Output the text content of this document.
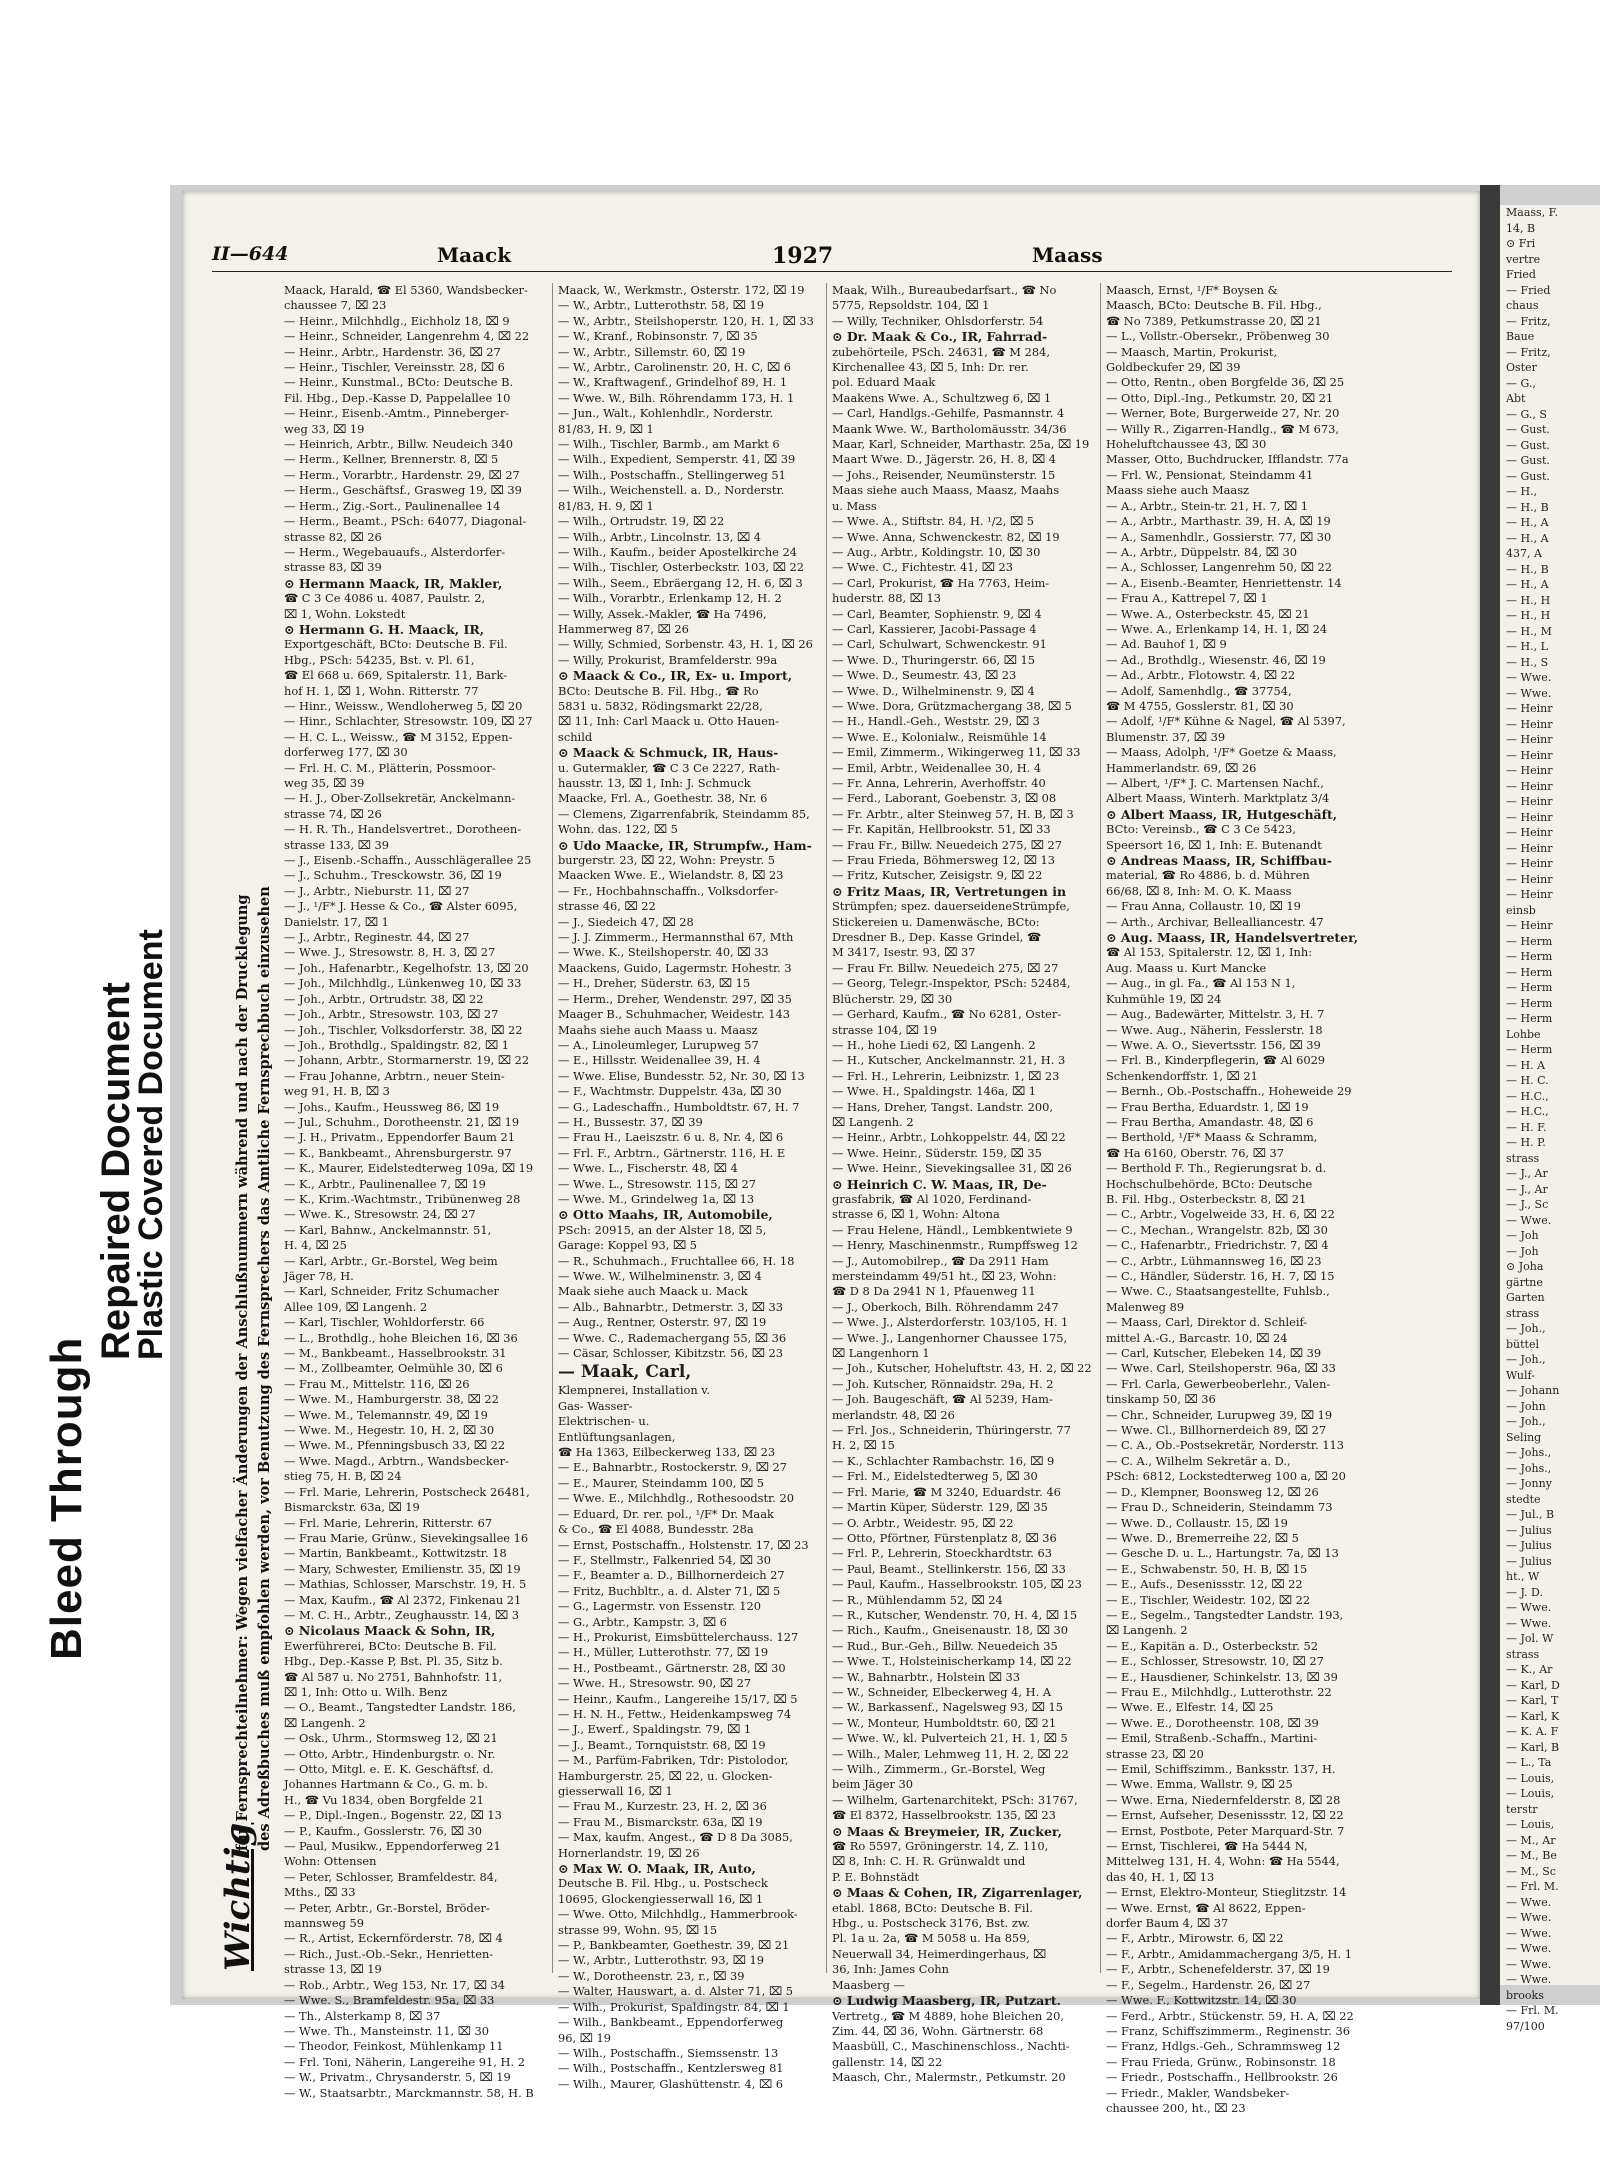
Bleed Through
Repaired Document
Plastic Covered Document
II—644	Maack	1927	Maass
Wichtig
für Fernsprechteilnehmer: Wegen vielfacher Änderungen der Anschlußnummern während und nach der Drucklegung des Adreßbuches muß empfohlen werden, vor Benutzung des Fernsprechers das Amtliche Fernsprechbuch einzusehen
Maack, Harald, ☎ El 5360, Wandsbecker-
chaussee 7, ⌧ 23
— Heinr., Milchhdlg., Eichholz 18, ⌧ 9
— Heinr., Schneider, Langenrehm 4, ⌧ 22
— Heinr., Arbtr., Hardenstr. 36, ⌧ 27
— Heinr., Tischler, Vereinsstr. 28, ⌧ 6
— Heinr., Kunstmal., BCto: Deutsche B.
Fil. Hbg., Dep.-Kasse D, Pappelallee 10
— Heinr., Eisenb.-Amtm., Pinneberger-
weg 33, ⌧ 19
— Heinrich, Arbtr., Billw. Neudeich 340
— Herm., Kellner, Brennerstr. 8, ⌧ 5
— Herm., Vorarbtr., Hardenstr. 29, ⌧ 27
— Herm., Geschäftsf., Grasweg 19, ⌧ 39
— Herm., Zig.-Sort., Paulinenallee 14
— Herm., Beamt., PSch: 64077, Diagonal-
strasse 82, ⌧ 26
— Herm., Wegebauaufs., Alsterdorfer-
strasse 83, ⌧ 39
⊙ Hermann Maack, IR, Makler,
☎ C 3 Ce 4086 u. 4087, Paulstr. 2,
⌧ 1, Wohn. Lokstedt
⊙ Hermann G. H. Maack, IR,
Exportgeschäft, BCto: Deutsche B. Fil.
Hbg., PSch: 54235, Bst. v. Pl. 61,
☎ El 668 u. 669, Spitalerstr. 11, Bark-
hof H. 1, ⌧ 1, Wohn. Ritterstr. 77
— Hinr., Weissw., Wendloherweg 5, ⌧ 20
— Hinr., Schlachter, Stresowstr. 109, ⌧ 27
— H. C. L., Weissw., ☎ M 3152, Eppen-
dorferweg 177, ⌧ 30
— Frl. H. C. M., Plätterin, Possmoor-
weg 35, ⌧ 39
— H. J., Ober-Zollsekretär, Anckelmann-
strasse 74, ⌧ 26
— H. R. Th., Handelsvertret., Dorotheen-
strasse 133, ⌧ 39
— J., Eisenb.-Schaffn., Ausschlägerallee 25
— J., Schuhm., Tresckowstr. 36, ⌧ 19
— J., Arbtr., Nieburstr. 11, ⌧ 27
— J., ¹/F* J. Hesse & Co., ☎ Alster 6095,
Danielstr. 17, ⌧ 1
— J., Arbtr., Reginestr. 44, ⌧ 27
— Wwe. J., Stresowstr. 8, H. 3, ⌧ 27
— Joh., Hafenarbtr., Kegelhofstr. 13, ⌧ 20
— Joh., Milchhdlg., Lünkenweg 10, ⌧ 33
— Joh., Arbtr., Ortrudstr. 38, ⌧ 22
— Joh., Arbtr., Stresowstr. 103, ⌧ 27
— Joh., Tischler, Volksdorferstr. 38, ⌧ 22
— Joh., Brothdlg., Spaldingstr. 82, ⌧ 1
— Johann, Arbtr., Stormarnerstr. 19, ⌧ 22
— Frau Johanne, Arbtrn., neuer Stein-
weg 91, H. B, ⌧ 3
— Johs., Kaufm., Heussweg 86, ⌧ 19
— Jul., Schuhm., Dorotheenstr. 21, ⌧ 19
— J. H., Privatm., Eppendorfer Baum 21
— K., Bankbeamt., Ahrensburgerstr. 97
— K., Maurer, Eidelstedterweg 109a, ⌧ 19
— K., Arbtr., Paulinenallee 7, ⌧ 19
— K., Krim.-Wachtmstr., Tribünenweg 28
— Wwe. K., Stresowstr. 24, ⌧ 27
— Karl, Bahnw., Anckelmannstr. 51,
H. 4, ⌧ 25
— Karl, Arbtr., Gr.-Borstel, Weg beim
Jäger 78, H.
— Karl, Schneider, Fritz Schumacher
Allee 109, ⌧ Langenh. 2
— Karl, Tischler, Wohldorferstr. 66
— L., Brothdlg., hohe Bleichen 16, ⌧ 36
— M., Bankbeamt., Hasselbrookstr. 31
— M., Zollbeamter, Oelmühle 30, ⌧ 6
— Frau M., Mittelstr. 116, ⌧ 26
— Wwe. M., Hamburgerstr. 38, ⌧ 22
— Wwe. M., Telemannstr. 49, ⌧ 19
— Wwe. M., Hegestr. 10, H. 2, ⌧ 30
— Wwe. M., Pfenningsbusch 33, ⌧ 22
— Wwe. Magd., Arbtrn., Wandsbecker-
stieg 75, H. B, ⌧ 24
— Frl. Marie, Lehrerin, Postscheck 26481,
Bismarckstr. 63a, ⌧ 19
— Frl. Marie, Lehrerin, Ritterstr. 67
— Frau Marie, Grünw., Sievekingsallee 16
— Martin, Bankbeamt., Kottwitzstr. 18
— Mary, Schwester, Emilienstr. 35, ⌧ 19
— Mathias, Schlosser, Marschstr. 19, H. 5
— Max, Kaufm., ☎ Al 2372, Finkenau 21
— M. C. H., Arbtr., Zeughausstr. 14, ⌧ 3
⊙ Nicolaus Maack & Sohn, IR,
Ewerführerei, BCto: Deutsche B. Fil.
Hbg., Dep.-Kasse P, Bst. Pl. 35, Sitz b.
☎ Al 587 u. No 2751, Bahnhofstr. 11,
⌧ 1, Inh: Otto u. Wilh. Benz
— O., Beamt., Tangstedter Landstr. 186,
⌧ Langenh. 2
— Osk., Uhrm., Stormsweg 12, ⌧ 21
— Otto, Arbtr., Hindenburgstr. o. Nr.
— Otto, Mitgl. e. E. K. Geschäftsf. d.
Johannes Hartmann & Co., G. m. b.
H., ☎ Vu 1834, oben Borgfelde 21
— P., Dipl.-Ingen., Bogenstr. 22, ⌧ 13
— P., Kaufm., Gosslerstr. 76, ⌧ 30
— Paul, Musikw., Eppendorferweg 21
Wohn: Ottensen
— Peter, Schlosser, Bramfeldestr. 84,
Mths., ⌧ 33
— Peter, Arbtr., Gr.-Borstel, Bröder-
mannsweg 59
— R., Artist, Eckernförderstr. 78, ⌧ 4
— Rich., Just.-Ob.-Sekr., Henrietten-
strasse 13, ⌧ 19
— Rob., Arbtr., Weg 153, Nr. 17, ⌧ 34
— Wwe. S., Bramfeldestr. 95a, ⌧ 33
— Th., Alsterkamp 8, ⌧ 37
— Wwe. Th., Mansteinstr. 11, ⌧ 30
— Theodor, Feinkost, Mühlenkamp 11
— Frl. Toni, Näherin, Langereihe 91, H. 2
— W., Privatm., Chrysanderstr. 5, ⌧ 19
— W., Staatsarbtr., Marckmannstr. 58, H. B
Maack, W., Werkmstr., Osterstr. 172, ⌧ 19
— W., Arbtr., Lutterothstr. 58, ⌧ 19
— W., Arbtr., Steilshoperstr. 120, H. 1, ⌧ 33
— W., Kranf., Robinsonstr. 7, ⌧ 35
— W., Arbtr., Sillemstr. 60, ⌧ 19
— W., Arbtr., Carolinenstr. 20, H. C, ⌧ 6
— W., Kraftwagenf., Grindelhof 89, H. 1
— Wwe. W., Bilh. Röhrendamm 173, H. 1
— Jun., Walt., Kohlenhdlr., Norderstr.
81/83, H. 9, ⌧ 1
— Wilh., Tischler, Barmb., am Markt 6
— Wilh., Expedient, Semperstr. 41, ⌧ 39
— Wilh., Postschaffn., Stellingerweg 51
— Wilh., Weichenstell. a. D., Norderstr.
81/83, H. 9, ⌧ 1
— Wilh., Ortrudstr. 19, ⌧ 22
— Wilh., Arbtr., Lincolnstr. 13, ⌧ 4
— Wilh., Kaufm., beider Apostelkirche 24
— Wilh., Tischler, Osterbeckstr. 103, ⌧ 22
— Wilh., Seem., Ebräergang 12, H. 6, ⌧ 3
— Wilh., Vorarbtr., Erlenkamp 12, H. 2
— Willy, Assek.-Makler, ☎ Ha 7496,
Hammerweg 87, ⌧ 26
— Willy, Schmied, Sorbenstr. 43, H. 1, ⌧ 26
— Willy, Prokurist, Bramfelderstr. 99a
⊙ Maack & Co., IR, Ex- u. Import,
BCto: Deutsche B. Fil. Hbg., ☎ Ro
5831 u. 5832, Rödingsmarkt 22/28,
⌧ 11, Inh: Carl Maack u. Otto Hauen-
schild
⊙ Maack & Schmuck, IR, Haus-
u. Gutermakler, ☎ C 3 Ce 2227, Rath-
hausstr. 13, ⌧ 1, Inh: J. Schmuck
Maacke, Frl. A., Goethestr. 38, Nr. 6
— Clemens, Zigarrenfabrik, Steindamm 85,
Wohn. das. 122, ⌧ 5
⊙ Udo Maacke, IR, Strumpfw., Ham-
burgerstr. 23, ⌧ 22, Wohn: Preystr. 5
Maacken Wwe. E., Wielandstr. 8, ⌧ 23
— Fr., Hochbahnschaffn., Volksdorfer-
strasse 46, ⌧ 22
— J., Siedeich 47, ⌧ 28
— J. J. Zimmerm., Hermannsthal 67, Mth
— Wwe. K., Steilshoperstr. 40, ⌧ 33
Maackens, Guido, Lagermstr. Hohestr. 3
— H., Dreher, Süderstr. 63, ⌧ 15
— Herm., Dreher, Wendenstr. 297, ⌧ 35
Maager B., Schuhmacher, Weidestr. 143
Maahs siehe auch Maass u. Maasz
— A., Linoleumleger, Lurupweg 57
— E., Hillsstr. Weidenallee 39, H. 4
— Wwe. Elise, Bundesstr. 52, Nr. 30, ⌧ 13
— F., Wachtmstr. Duppelstr. 43a, ⌧ 30
— G., Ladeschaffn., Humboldtstr. 67, H. 7
— H., Bussestr. 37, ⌧ 39
— Frau H., Laeiszstr. 6 u. 8, Nr. 4, ⌧ 6
— Frl. F., Arbtrn., Gärtnerstr. 116, H. E
— Wwe. L., Fischerstr. 48, ⌧ 4
— Wwe. L., Stresowstr. 115, ⌧ 27
— Wwe. M., Grindelweg 1a, ⌧ 13
⊙ Otto Maahs, IR, Automobile,
PSch: 20915, an der Alster 18, ⌧ 5,
Garage: Koppel 93, ⌧ 5
— R., Schuhmach., Fruchtallee 66, H. 18
— Wwe. W., Wilhelminenstr. 3, ⌧ 4
Maak siehe auch Maack u. Mack
— Alb., Bahnarbtr., Detmerstr. 3, ⌧ 33
— Aug., Rentner, Osterstr. 97, ⌧ 19
— Wwe. C., Rademachergang 55, ⌧ 36
— Cäsar, Schlosser, Kibitzstr. 56, ⌧ 23
— Maak, Carl,
Klempnerei, Installation v.
Gas- Wasser-
Elektrischen- u.
Entlüftungsanlagen,
☎ Ha 1363, Eilbeckerweg 133, ⌧ 23
— E., Bahnarbtr., Rostockerstr. 9, ⌧ 27
— E., Maurer, Steindamm 100, ⌧ 5
— Wwe. E., Milchhdlg., Rothesoodstr. 20
— Eduard, Dr. rer. pol., ¹/F* Dr. Maak
& Co., ☎ El 4088, Bundesstr. 28a
— Ernst, Postschaffn., Holstenstr. 17, ⌧ 23
— F., Stellmstr., Falkenried 54, ⌧ 30
— F., Beamter a. D., Billhornerdeich 27
— Fritz, Buchbltr., a. d. Alster 71, ⌧ 5
— G., Lagermstr. von Essenstr. 120
— G., Arbtr., Kampstr. 3, ⌧ 6
— H., Prokurist, Eimsbüttelerchauss. 127
— H., Müller, Lutterothstr. 77, ⌧ 19
— H., Postbeamt., Gärtnerstr. 28, ⌧ 30
— Wwe. H., Stresowstr. 90, ⌧ 27
— Heinr., Kaufm., Langereihe 15/17, ⌧ 5
— H. N. H., Fettw., Heidenkampsweg 74
— J., Ewerf., Spaldingstr. 79, ⌧ 1
— J., Beamt., Tornquiststr. 68, ⌧ 19
— M., Parfüm-Fabriken, Tdr: Pistolodor,
Hamburgerstr. 25, ⌧ 22, u. Glocken-
giesserwall 16, ⌧ 1
— Frau M., Kurzestr. 23, H. 2, ⌧ 36
— Frau M., Bismarckstr. 63a, ⌧ 19
— Max, kaufm. Angest., ☎ D 8 Da 3085,
Hornerlandstr. 19, ⌧ 26
⊙ Max W. O. Maak, IR, Auto,
Deutsche B. Fil. Hbg., u. Postscheck
10695, Glockengiesserwall 16, ⌧ 1
— Wwe. Otto, Milchhdlg., Hammerbrook-
strasse 99, Wohn. 95, ⌧ 15
— P., Bankbeamter, Goethestr. 39, ⌧ 21
— W., Arbtr., Lutterothstr. 93, ⌧ 19
— W., Dorotheenstr. 23, r., ⌧ 39
— Walter, Hauswart, a. d. Alster 71, ⌧ 5
— Wilh., Prokurist, Spaldingstr. 84, ⌧ 1
— Wilh., Bankbeamt., Eppendorferweg
96, ⌧ 19
— Wilh., Postschaffn., Siemssenstr. 13
— Wilh., Postschaffn., Kentzlersweg 81
— Wilh., Maurer, Glashüttenstr. 4, ⌧ 6
Maak, Wilh., Bureaubedarfsart., ☎ No
5775, Repsoldstr. 104, ⌧ 1
— Willy, Techniker, Ohlsdorferstr. 54
⊙ Dr. Maak & Co., IR, Fahrrad-
zubehörteile, PSch. 24631, ☎ M 284,
Kirchenallee 43, ⌧ 5, Inh: Dr. rer.
pol. Eduard Maak
Maakens Wwe. A., Schultzweg 6, ⌧ 1
— Carl, Handlgs.-Gehilfe, Pasmannstr. 4
Maank Wwe. W., Bartholomäusstr. 34/36
Maar, Karl, Schneider, Marthastr. 25a, ⌧ 19
Maart Wwe. D., Jägerstr. 26, H. 8, ⌧ 4
— Johs., Reisender, Neumünsterstr. 15
Maas siehe auch Maass, Maasz, Maahs
u. Mass
— Wwe. A., Stiftstr. 84, H. ¹/2, ⌧ 5
— Wwe. Anna, Schwenckestr. 82, ⌧ 19
— Aug., Arbtr., Koldingstr. 10, ⌧ 30
— Wwe. C., Fichtestr. 41, ⌧ 23
— Carl, Prokurist, ☎ Ha 7763, Heim-
huderstr. 88, ⌧ 13
— Carl, Beamter, Sophienstr. 9, ⌧ 4
— Carl, Kassierer, Jacobi-Passage 4
— Carl, Schulwart, Schwenckestr. 91
— Wwe. D., Thuringerstr. 66, ⌧ 15
— Wwe. D., Seumestr. 43, ⌧ 23
— Wwe. D., Wilhelminenstr. 9, ⌧ 4
— Wwe. Dora, Grützmachergang 38, ⌧ 5
— H., Handl.-Geh., Weststr. 29, ⌧ 3
— Wwe. E., Kolonialw., Reismühle 14
— Emil, Zimmerm., Wikingerweg 11, ⌧ 33
— Emil, Arbtr., Weidenallee 30, H. 4
— Fr. Anna, Lehrerin, Averhoffstr. 40
— Ferd., Laborant, Goebenstr. 3, ⌧ 08
— Fr. Arbtr., alter Steinweg 57, H. B, ⌧ 3
— Fr. Kapitän, Hellbrookstr. 51, ⌧ 33
— Frau Fr., Billw. Neuedeich 275, ⌧ 27
— Frau Frieda, Böhmersweg 12, ⌧ 13
— Fritz, Kutscher, Zeisigstr. 9, ⌧ 22
⊙ Fritz Maas, IR, Vertretungen in
Strümpfen; spez. dauerseideneStrümpfe,
Stickereien u. Damenwäsche, BCto:
Dresdner B., Dep. Kasse Grindel, ☎
M 3417, Isestr. 93, ⌧ 37
— Frau Fr. Billw. Neuedeich 275, ⌧ 27
— Georg, Telegr.-Inspektor, PSch: 52484,
Blücherstr. 29, ⌧ 30
— Gerhard, Kaufm., ☎ No 6281, Oster-
strasse 104, ⌧ 19
— H., hohe Liedi 62, ⌧ Langenh. 2
— H., Kutscher, Anckelmannstr. 21, H. 3
— Frl. H., Lehrerin, Leibnizstr. 1, ⌧ 23
— Wwe. H., Spaldingstr. 146a, ⌧ 1
— Hans, Dreher, Tangst. Landstr. 200,
⌧ Langenh. 2
— Heinr., Arbtr., Lohkoppelstr. 44, ⌧ 22
— Wwe. Heinr., Süderstr. 159, ⌧ 35
— Wwe. Heinr., Sievekingsallee 31, ⌧ 26
⊙ Heinrich C. W. Maas, IR, De-
grasfabrik, ☎ Al 1020, Ferdinand-
strasse 6, ⌧ 1, Wohn: Altona
— Frau Helene, Händl., Lembkentwiete 9
— Henry, Maschinenmstr., Rumpffsweg 12
— J., Automobilrep., ☎ Da 2911 Ham
mersteindamm 49/51 ht., ⌧ 23, Wohn:
☎ D 8 Da 2941 N 1, Pfauenweg 11
— J., Oberkoch, Bilh. Röhrendamm 247
— Wwe. J., Alsterdorferstr. 103/105, H. 1
— Wwe. J., Langenhorner Chaussee 175,
⌧ Langenhorn 1
— Joh., Kutscher, Hoheluftstr. 43, H. 2, ⌧ 22
— Joh. Kutscher, Rönnaidstr. 29a, H. 2
— Joh. Baugeschäft, ☎ Al 5239, Ham-
merlandstr. 48, ⌧ 26
— Frl. Jos., Schneiderin, Thüringerstr. 77
H. 2, ⌧ 15
— K., Schlachter Rambachstr. 16, ⌧ 9
— Frl. M., Eidelstedterweg 5, ⌧ 30
— Frl. Marie, ☎ M 3240, Eduardstr. 46
— Martin Küper, Süderstr. 129, ⌧ 35
— O. Arbtr., Weidestr. 95, ⌧ 22
— Otto, Pförtner, Fürstenplatz 8, ⌧ 36
— Frl. P., Lehrerin, Stoeckhardtstr. 63
— Paul, Beamt., Stellinkerstr. 156, ⌧ 33
— Paul, Kaufm., Hasselbrookstr. 105, ⌧ 23
— R., Mühlendamm 52, ⌧ 24
— R., Kutscher, Wendenstr. 70, H. 4, ⌧ 15
— Rich., Kaufm., Gneisenaustr. 18, ⌧ 30
— Rud., Bur.-Geh., Billw. Neuedeich 35
— Wwe. T., Holsteinischerkamp 14, ⌧ 22
— W., Bahnarbtr., Holstein ⌧ 33
— W., Schneider, Elbeckerweg 4, H. A
— W., Barkassenf., Nagelsweg 93, ⌧ 15
— W., Monteur, Humboldtstr. 60, ⌧ 21
— Wwe. W., kl. Pulverteich 21, H. 1, ⌧ 5
— Wilh., Maler, Lehmweg 11, H. 2, ⌧ 22
— Wilh., Zimmerm., Gr.-Borstel, Weg
beim Jäger 30
— Wilhelm, Gartenarchitekt, PSch: 31767,
☎ El 8372, Hasselbrookstr. 135, ⌧ 23
⊙ Maas & Breymeier, IR, Zucker,
☎ Ro 5597, Gröningerstr. 14, Z. 110,
⌧ 8, Inh: C. H. R. Grünwaldt und
P. E. Bohnstädt
⊙ Maas & Cohen, IR, Zigarrenlager,
etabl. 1868, BCto: Deutsche B. Fil.
Hbg., u. Postscheck 3176, Bst. zw.
Pl. 1a u. 2a, ☎ M 5058 u. Ha 859,
Neuerwall 34, Heimerdingerhaus, ⌧
36, Inh: James Cohn
Maasberg —
⊙ Ludwig Maasberg, IR, Putzart.
Vertretg., ☎ M 4889, hohe Bleichen 20,
Zim. 44, ⌧ 36, Wohn. Gärtnerstr. 68
Maasbüll, C., Maschinenschloss., Nachti-
gallenstr. 14, ⌧ 22
Maasch, Chr., Malermstr., Petkumstr. 20
Maasch, Ernst, ¹/F* Boysen &
Maasch, BCto: Deutsche B. Fil. Hbg.,
☎ No 7389, Petkumstrasse 20, ⌧ 21
— L., Vollstr.-Obersekr., Pröbenweg 30
— Maasch, Martin, Prokurist,
Goldbeckufer 29, ⌧ 39
— Otto, Rentn., oben Borgfelde 36, ⌧ 25
— Otto, Dipl.-Ing., Petkumstr. 20, ⌧ 21
— Werner, Bote, Burgerweide 27, Nr. 20
— Willy R., Zigarren-Handlg., ☎ M 673,
Hoheluftchaussee 43, ⌧ 30
Masser, Otto, Buchdrucker, Ifflandstr. 77a
— Frl. W., Pensionat, Steindamm 41
Maass siehe auch Maasz
— A., Arbtr., Stein-tr. 21, H. 7, ⌧ 1
— A., Arbtr., Marthastr. 39, H. A, ⌧ 19
— A., Samenhdlr., Gossierstr. 77, ⌧ 30
— A., Arbtr., Düppelstr. 84, ⌧ 30
— A., Schlosser, Langenrehm 50, ⌧ 22
— A., Eisenb.-Beamter, Henriettenstr. 14
— Frau A., Kattrepel 7, ⌧ 1
— Wwe. A., Osterbeckstr. 45, ⌧ 21
— Wwe. A., Erlenkamp 14, H. 1, ⌧ 24
— Ad. Bauhof 1, ⌧ 9
— Ad., Brothdlg., Wiesenstr. 46, ⌧ 19
— Ad., Arbtr., Flotowstr. 4, ⌧ 22
— Adolf, Samenhdlg., ☎ 37754,
☎ M 4755, Gosslerstr. 81, ⌧ 30
— Adolf, ¹/F* Kühne & Nagel, ☎ Al 5397,
Blumenstr. 37, ⌧ 39
— Maass, Adolph, ¹/F* Goetze & Maass,
Hammerlandstr. 69, ⌧ 26
— Albert, ¹/F* J. C. Martensen Nachf.,
Albert Maass, Winterh. Marktplatz 3/4
⊙ Albert Maass, IR, Hutgeschäft,
BCto: Vereinsb., ☎ C 3 Ce 5423,
Speersort 16, ⌧ 1, Inh: E. Butenandt
⊙ Andreas Maass, IR, Schiffbau-
material, ☎ Ro 4886, b. d. Mühren
66/68, ⌧ 8, Inh: M. O. K. Maass
— Frau Anna, Collaustr. 10, ⌧ 19
— Arth., Archivar, Bellealliancestr. 47
⊙ Aug. Maass, IR, Handelsvertreter,
☎ Al 153, Spitalerstr. 12, ⌧ 1, Inh:
Aug. Maass u. Kurt Mancke
— Aug., in gl. Fa., ☎ Al 153 N 1,
Kuhmühle 19, ⌧ 24
— Aug., Badewärter, Mittelstr. 3, H. 7
— Wwe. Aug., Näherin, Fesslerstr. 18
— Wwe. A. O., Sievertsstr. 156, ⌧ 39
— Frl. B., Kinderpflegerin, ☎ Al 6029
Schenkendorffstr. 1, ⌧ 21
— Bernh., Ob.-Postschaffn., Hoheweide 29
— Frau Bertha, Eduardstr. 1, ⌧ 19
— Frau Bertha, Amandastr. 48, ⌧ 6
— Berthold, ¹/F* Maass & Schramm,
☎ Ha 6160, Oberstr. 76, ⌧ 37
— Berthold F. Th., Regierungsrat b. d.
Hochschulbehörde, BCto: Deutsche
B. Fil. Hbg., Osterbeckstr. 8, ⌧ 21
— C., Arbtr., Vogelweide 33, H. 6, ⌧ 22
— C., Mechan., Wrangelstr. 82b, ⌧ 30
— C., Hafenarbtr., Friedrichstr. 7, ⌧ 4
— C., Arbtr., Lühmannsweg 16, ⌧ 23
— C., Händler, Süderstr. 16, H. 7, ⌧ 15
— Wwe. C., Staatsangestellte, Fuhlsb.,
Malenweg 89
— Maass, Carl, Direktor d. Schleif-
mittel A.-G., Barcastr. 10, ⌧ 24
— Carl, Kutscher, Elebeken 14, ⌧ 39
— Wwe. Carl, Steilshoperstr. 96a, ⌧ 33
— Frl. Carla, Gewerbeoberlehr., Valen-
tinskamp 50, ⌧ 36
— Chr., Schneider, Lurupweg 39, ⌧ 19
— Wwe. Cl., Billhornerdeich 89, ⌧ 27
— C. A., Ob.-Postsekretär, Norderstr. 113
— C. A., Wilhelm Sekretär a. D.,
PSch: 6812, Lockstedterweg 100 a, ⌧ 20
— D., Klempner, Boonsweg 12, ⌧ 26
— Frau D., Schneiderin, Steindamm 73
— Wwe. D., Collaustr. 15, ⌧ 19
— Wwe. D., Bremerreihe 22, ⌧ 5
— Gesche D. u. L., Hartungstr. 7a, ⌧ 13
— E., Schwabenstr. 50, H. B, ⌧ 15
— E., Aufs., Desenissstr. 12, ⌧ 22
— E., Tischler, Weidestr. 102, ⌧ 22
— E., Segelm., Tangstedter Landstr. 193,
⌧ Langenh. 2
— E., Kapitän a. D., Osterbeckstr. 52
— E., Schlosser, Stresowstr. 10, ⌧ 27
— E., Hausdiener, Schinkelstr. 13, ⌧ 39
— Frau E., Milchhdlg., Lutterothstr. 22
— Wwe. E., Elfestr. 14, ⌧ 25
— Wwe. E., Dorotheenstr. 108, ⌧ 39
— Emil, Straßenb.-Schaffn., Martini-
strasse 23, ⌧ 20
— Emil, Schiffszimm., Banksstr. 137, H.
— Wwe. Emma, Wallstr. 9, ⌧ 25
— Wwe. Erna, Niedernfelderstr. 8, ⌧ 28
— Ernst, Aufseher, Desenissstr. 12, ⌧ 22
— Ernst, Postbote, Peter Marquard-Str. 7
— Ernst, Tischlerei, ☎ Ha 5444 N,
Mittelweg 131, H. 4, Wohn: ☎ Ha 5544,
das 40, H. 1, ⌧ 13
— Ernst, Elektro-Monteur, Stieglitzstr. 14
— Wwe. Ernst, ☎ Al 8622, Eppen-
dorfer Baum 4, ⌧ 37
— F., Arbtr., Mirowstr. 6, ⌧ 22
— F., Arbtr., Amidammachergang 3/5, H. 1
— F., Arbtr., Schenefelderstr. 37, ⌧ 19
— F., Segelm., Hardenstr. 26, ⌧ 27
— Wwe. F., Kottwitzstr. 14, ⌧ 30
— Ferd., Arbtr., Stückenstr. 59, H. A, ⌧ 22
— Franz, Schiffszimmerm., Reginenstr. 36
— Franz, Hdlgs.-Geh., Schrammsweg 12
— Frau Frieda, Grünw., Robinsonstr. 18
— Friedr., Postschaffn., Hellbrookstr. 26
— Friedr., Makler, Wandsbeker-
chaussee 200, ht., ⌧ 23
Maass, F.
14, B
⊙ Fri
vertre
Fried
— Fried
chaus
— Fritz,
Baue
— Fritz,
Oster
— G.,
Abt
— G., S
— Gust.
— Gust.
— Gust.
— Gust.
— H.,
— H., B
— H., A
— H., A
437, A
— H., B
— H., A
— H., H
— H., H
— H., M
— H., L
— H., S
— Wwe.
— Wwe.
— Heinr
— Heinr
— Heinr
— Heinr
— Heinr
— Heinr
— Heinr
— Heinr
— Heinr
— Heinr
— Heinr
— Heinr
— Heinr
einsb
— Heinr
— Herm
— Herm
— Herm
— Herm
— Herm
— Herm
Lohbe
— Herm
— H. A
— H. C.
— H.C.,
— H.C.,
— H. F.
— H. P.
strass
— J., Ar
— J., Ar
— J., Sc
— Wwe.
— Joh
— Joh
⊙ Joha
gärtne
Garten
strass
— Joh.,
büttel
— Joh.,
Wulf-
— Johann
— John
— Joh.,
Seling
— Johs.,
— Johs.,
— Jonny
stedte
— Jul., B
— Julius
— Julius
— Julius
ht., W
— J. D.
— Wwe.
— Wwe.
— Jol. W
strass
— K., Ar
— Karl, D
— Karl, T
— Karl, K
— K. A. F
— Karl, B
— L., Ta
— Louis,
— Louis,
terstr
— Louis,
— M., Ar
— M., Be
— M., Sc
— Frl. M.
— Wwe.
— Wwe.
— Wwe.
— Wwe.
— Wwe.
— Wwe.
brooks
— Frl. M.
97/100
